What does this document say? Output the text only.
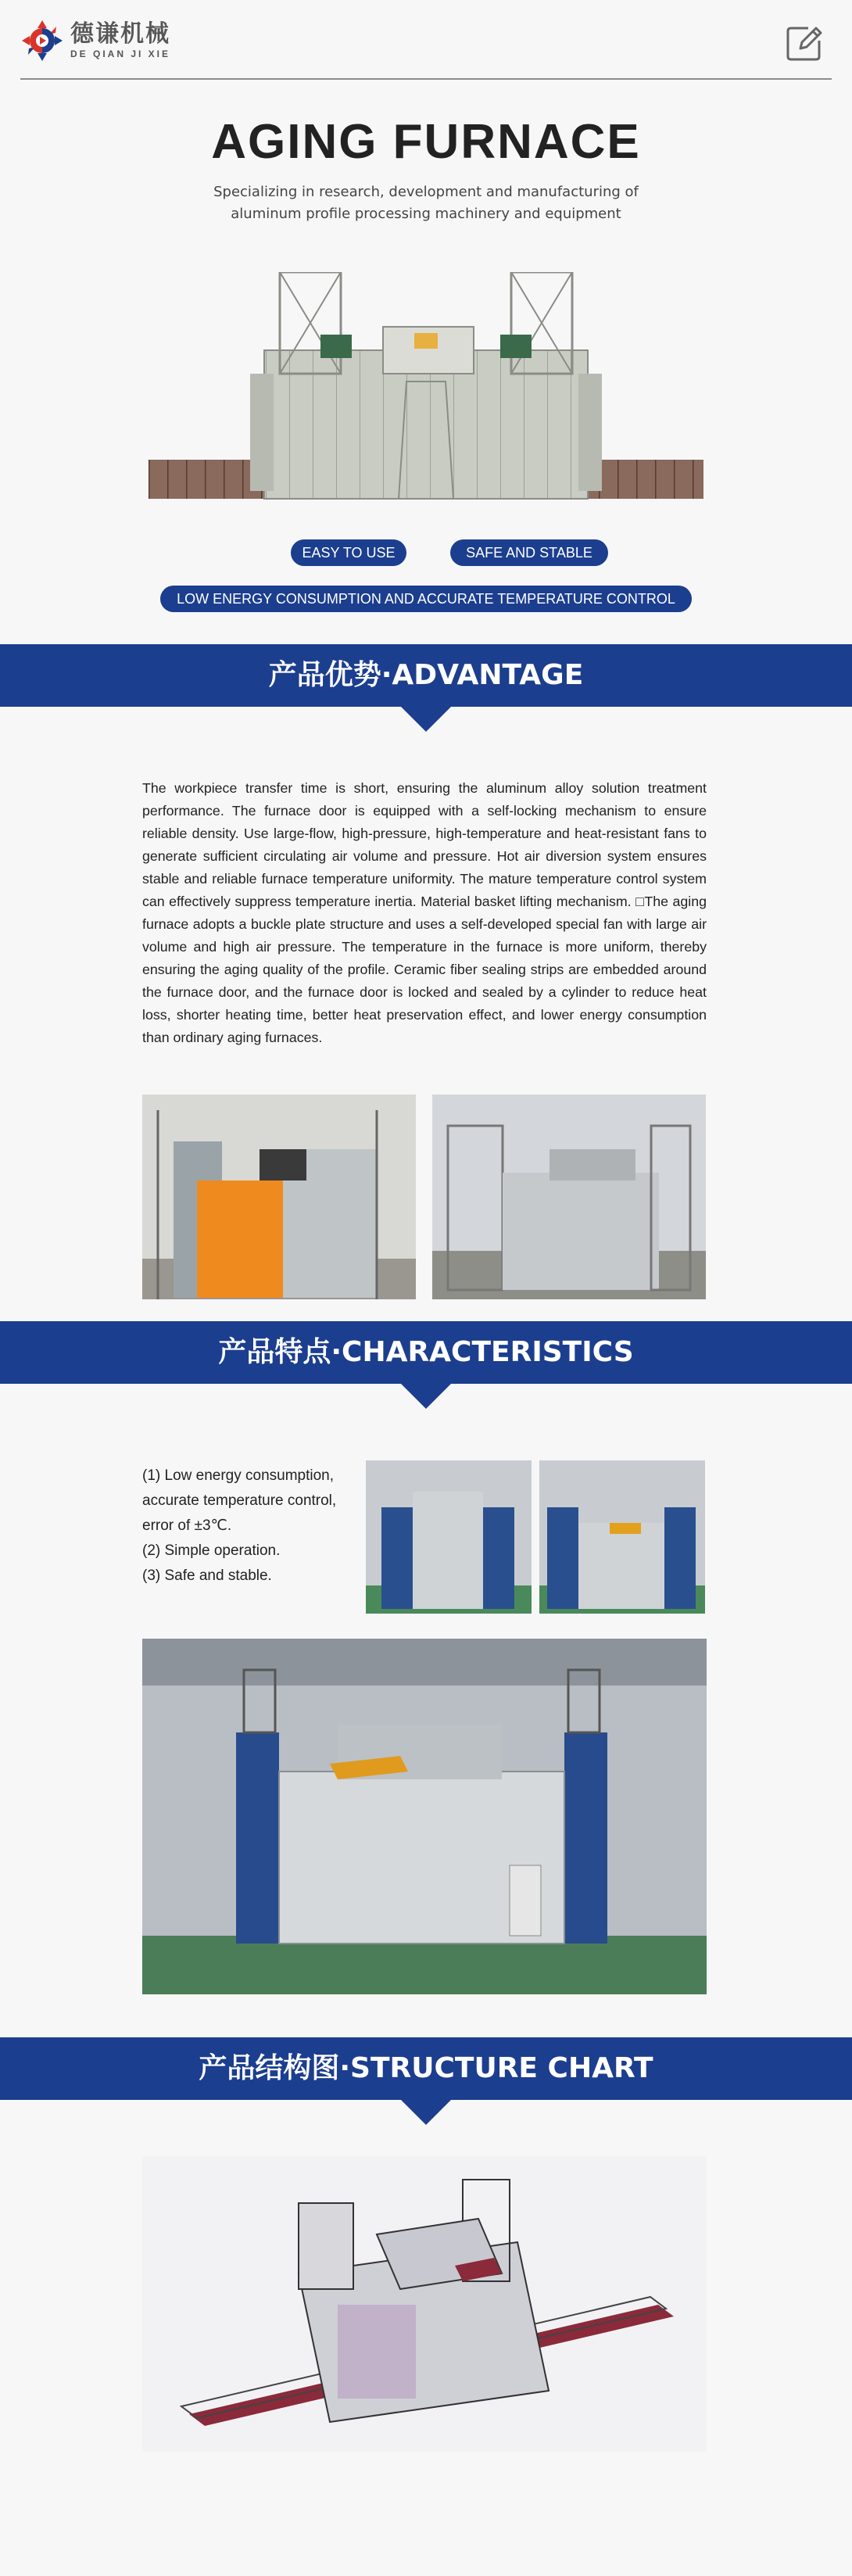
德谦机械
DE QIAN JI XIE
AGING FURNACE
Specializing in research, development and manufacturing of aluminum profile processing machinery and equipment
EASY TO USE	SAFE AND STABLE
LOW ENERGY CONSUMPTION AND ACCURATE TEMPERATURE CONTROL
产品优势·ADVANTAGE
The workpiece transfer time is short, ensuring the aluminum alloy solution treatment performance. The furnace door is equipped with a self-locking mechanism to ensure reliable density. Use large-flow, high-pressure, high-temperature and heat-resistant fans to generate sufficient circulating air volume and pressure. Hot air diversion system ensures stable and reliable furnace temperature uniformity. The mature temperature control system can effectively suppress temperature inertia. Material basket lifting mechanism. □The aging furnace adopts a buckle plate structure and uses a self-developed special fan with large air volume and high air pressure. The temperature in the furnace is more uniform, thereby ensuring the aging quality of the profile. Ceramic fiber sealing strips are embedded around the furnace door, and the furnace door is locked and sealed by a cylinder to reduce heat loss, shorter heating time, better heat preservation effect, and lower energy consumption than ordinary aging furnaces.
产品特点·CHARACTERISTICS
(1) Low energy consumption, accurate temperature control, error of ±3℃.
(2) Simple operation.
(3) Safe and stable.
产品结构图·STRUCTURE CHART
